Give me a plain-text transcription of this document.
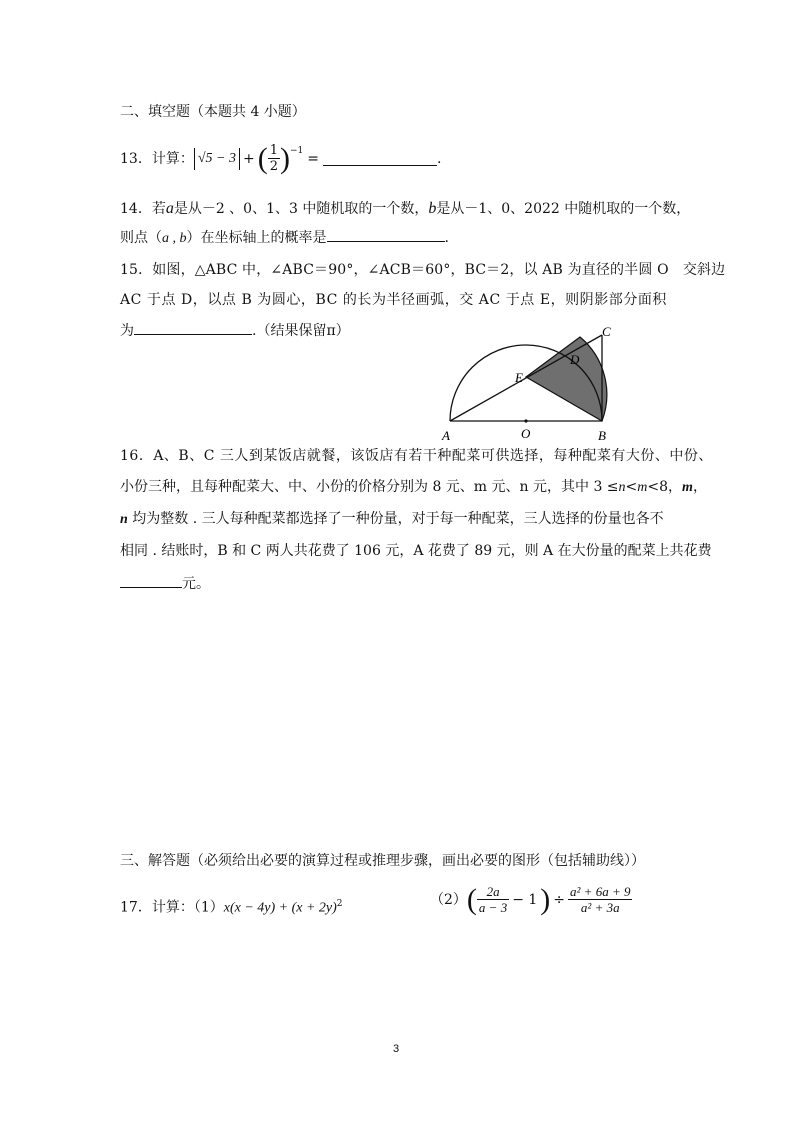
二、填空题（本题共 4 小题）
13．计算： √5 − 3 + ( $\frac{1}{2}$ ) −1 =	.
14．若a是从－2 、0、1、3 中随机取的一个数，b是从－1、0、2022 中随机取的一个数，
则点（a , b）在坐标轴上的概率是	.
15．如图，△ABC 中，∠ABC＝90°，∠ACB＝60°，BC＝2，以 AB 为直径的半圆 O　交斜边
AC 于点 D，以点 B 为圆心，BC 的长为半径画弧，交 AC 于点 E，则阴影部分面积
为	.（结果保留π）
A	B
C
D
E
O
16．A、B、C 三人到某饭店就餐，该饭店有若干种配菜可供选择，每种配菜有大份、中份、
小份三种，且每种配菜大、中、小份的价格分别为 8 元、m 元、n 元，其中 3 ≤n<m<8，m，
n 均为整数 . 三人每种配菜都选择了一种份量，对于每一种配菜，三人选择的份量也各不
相同 . 结账时，B 和 C 两人共花费了 106 元，A 花费了 89 元，则 A 在大份量的配菜上共花费
元。
三、解答题（必须给出必要的演算过程或推理步骤，画出必要的图形（包括辅助线））
17．计算：$(1)x(x - 4y) + (x + 2y)^2$	（2） ( $\frac{2a}{a - 3} - 1$ ) ÷ $\frac{\text{a² + 6a + 9}}{\text{a² + 3a}}$
3
